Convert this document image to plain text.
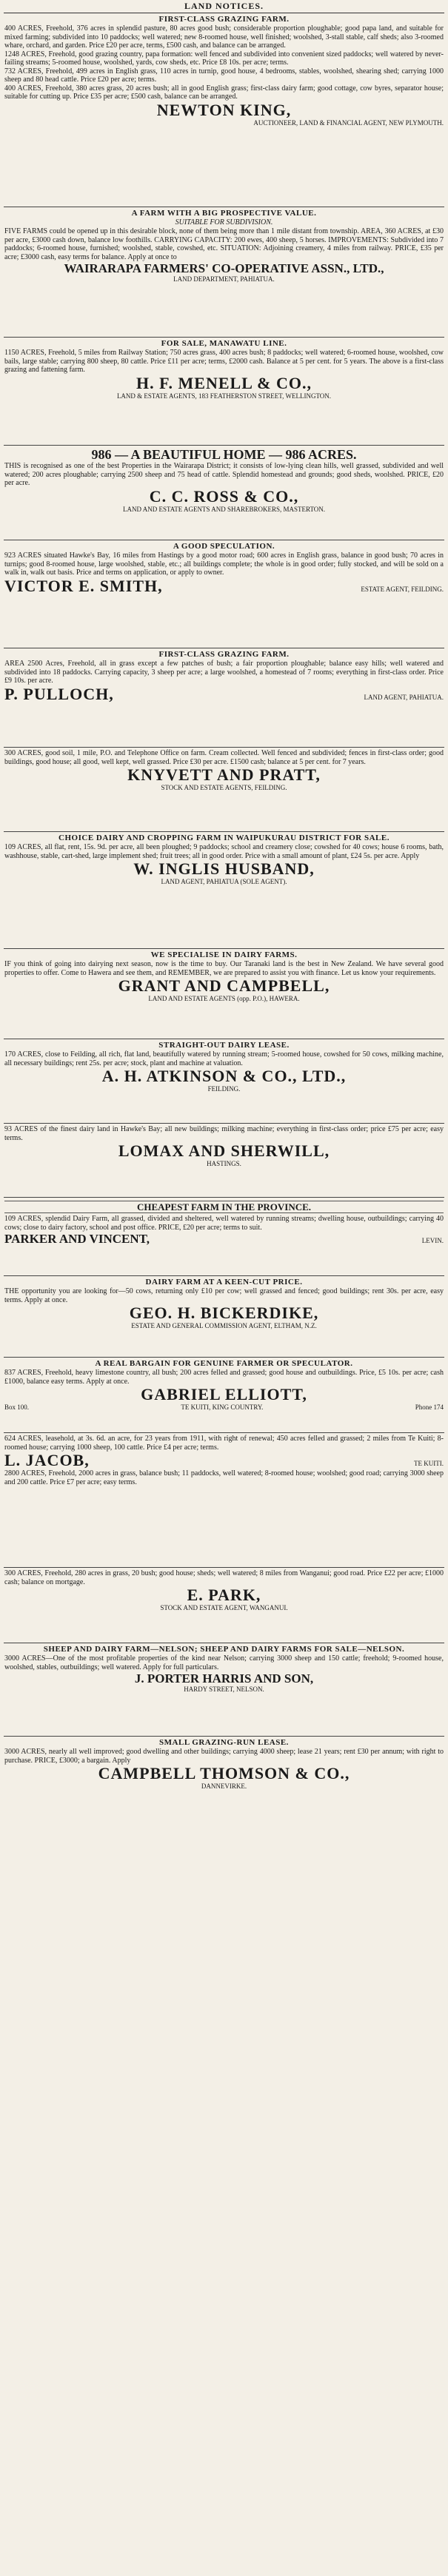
LAND NOTICES.
FIRST-CLASS GRAZING FARM.
400 ACRES, Freehold, 376 acres in splendid pasture, 80 acres good bush; considerable proportion ploughable; good papa land, and suitable for mixed farming; subdivided into 10 paddocks; well watered; new 8-roomed house, well finished; woolshed, 3-stall stable, calf sheds; also 3-roomed whare, orchard, and garden. Price £20 per acre, terms, £500 cash, and balance can be arranged.
1248 ACRES, Freehold, good grazing country, papa formation: well fenced and subdivided into convenient sized paddocks; well watered by never-failing streams; 5-roomed house, woolshed, yards, cow sheds, etc. Price £8 10s. per acre; terms.
732 ACRES, Freehold, 499 acres in English grass, 110 acres in turnip, good house, 4 bedrooms, stables, woolshed, shearing shed; carrying 1000 sheep and 80 head cattle. Price £20 per acre; terms.
400 ACRES, Freehold, 380 acres grass, 20 acres bush; all in good English grass; first-class dairy farm; good cottage, cow byres, separator house; suitable for cutting up. Price £35 per acre; £500 cash, balance can be arranged.
NEWTON KING,
AUCTIONEER, LAND & FINANCIAL AGENT, NEW PLYMOUTH.
A FARM WITH A BIG PROSPECTIVE VALUE.
SUITABLE FOR SUBDIVISION.
FIVE FARMS could be opened up in this desirable block, none of them being more than 1 mile distant from township. AREA, 360 ACRES, at £30 per acre, £3000 cash down, balance low foothills. CARRYING CAPACITY: 200 ewes, 400 sheep, 5 horses. IMPROVEMENTS: Subdivided into 7 paddocks; 6-roomed house, furnished; woolshed, stable, cowshed, etc. SITUATION: Adjoining creamery, 4 miles from railway. PRICE, £35 per acre; £3000 cash, easy terms for balance. Apply at once to
WAIRARAPA FARMERS' CO-OPERATIVE ASSN., LTD.,
LAND DEPARTMENT, PAHIATUA.
FOR SALE, MANAWATU LINE.
1150 ACRES, Freehold, 5 miles from Railway Station; 750 acres grass, 400 acres bush; 8 paddocks; well watered; 6-roomed house, woolshed, cow bails, large stable; carrying 800 sheep, 80 cattle. Price £11 per acre; terms, £2000 cash. Balance at 5 per cent. for 5 years. The above is a first-class grazing and fattening farm.
H. F. MENELL & CO.,
LAND & ESTATE AGENTS, 183 FEATHERSTON STREET, WELLINGTON.
986 — A BEAUTIFUL HOME — 986 ACRES.
THIS is recognised as one of the best Properties in the Wairarapa District; it consists of low-lying clean hills, well grassed, subdivided and well watered; 200 acres ploughable; carrying 2500 sheep and 75 head of cattle. Splendid homestead and grounds; good sheds, woolshed. PRICE, £20 per acre.
C. C. ROSS & CO.,
LAND AND ESTATE AGENTS AND SHAREBROKERS, MASTERTON.
A GOOD SPECULATION.
923 ACRES situated Hawke's Bay, 16 miles from Hastings by a good motor road; 600 acres in English grass, balance in good bush; 70 acres in turnips; good 8-roomed house, large woolshed, stable, etc.; all buildings complete; the whole is in good order; fully stocked, and will be sold on a walk in, walk out basis. Price and terms on application, or apply to owner.
VICTOR E. SMITH,	ESTATE AGENT, FEILDING.
FIRST-CLASS GRAZING FARM.
AREA 2500 Acres, Freehold, all in grass except a few patches of bush; a fair proportion ploughable; balance easy hills; well watered and subdivided into 18 paddocks. Carrying capacity, 3 sheep per acre; a large woolshed, a homestead of 7 rooms; everything in first-class order. Price £9 10s. per acre.
P. PULLOCH,	LAND AGENT, PAHIATUA.
300 ACRES, good soil, 1 mile, P.O. and Telephone Office on farm. Cream collected. Well fenced and subdivided; fences in first-class order; good buildings, good house; all good, well kept, well grassed. Price £30 per acre. £1500 cash; balance at 5 per cent. for 7 years.
KNYVETT AND PRATT,
STOCK AND ESTATE AGENTS, FEILDING.
CHOICE DAIRY AND CROPPING FARM IN WAIPUKURAU DISTRICT FOR SALE.
109 ACRES, all flat, rent, 15s. 9d. per acre, all been ploughed; 9 paddocks; school and creamery close; cowshed for 40 cows; house 6 rooms, bath, washhouse, stable, cart-shed, large implement shed; fruit trees; all in good order. Price with a small amount of plant, £24 5s. per acre. Apply
W. INGLIS HUSBAND,
LAND AGENT, PAHIATUA (SOLE AGENT).
WE SPECIALISE IN DAIRY FARMS.
IF you think of going into dairying next season, now is the time to buy. Our Taranaki land is the best in New Zealand. We have several good properties to offer. Come to Hawera and see them, and REMEMBER, we are prepared to assist you with finance. Let us know your requirements.
GRANT AND CAMPBELL,
LAND AND ESTATE AGENTS (opp. P.O.), HAWERA.
STRAIGHT-OUT DAIRY LEASE.
170 ACRES, close to Feilding, all rich, flat land, beautifully watered by running stream; 5-roomed house, cowshed for 50 cows, milking machine, all necessary buildings; rent 25s. per acre; stock, plant and machine at valuation.
A. H. ATKINSON & CO., LTD.,
FEILDING.
93 ACRES of the finest dairy land in Hawke's Bay; all new buildings; milking machine; everything in first-class order; price £75 per acre; easy terms.
LOMAX AND SHERWILL,
HASTINGS.
CHEAPEST FARM IN THE PROVINCE.
109 ACRES, splendid Dairy Farm, all grassed, divided and sheltered, well watered by running streams; dwelling house, outbuildings; carrying 40 cows; close to dairy factory, school and post office. PRICE, £20 per acre; terms to suit.
PARKER AND VINCENT,	LEVIN.
DAIRY FARM AT A KEEN-CUT PRICE.
THE opportunity you are looking for—50 cows, returning only £10 per cow; well grassed and fenced; good buildings; rent 30s. per acre, easy terms. Apply at once.
GEO. H. BICKERDIKE,
ESTATE AND GENERAL COMMISSION AGENT, ELTHAM, N.Z.
A REAL BARGAIN FOR GENUINE FARMER OR SPECULATOR.
837 ACRES, Freehold, heavy limestone country, all bush; 200 acres felled and grassed; good house and outbuildings. Price, £5 10s. per acre; cash £1000, balance easy terms. Apply at once.
GABRIEL ELLIOTT,
Box 100.	TE KUITI, KING COUNTRY.	Phone 174
624 ACRES, leasehold, at 3s. 6d. an acre, for 23 years from 1911, with right of renewal; 450 acres felled and grassed; 2 miles from Te Kuiti; 8-roomed house; carrying 1000 sheep, 100 cattle. Price £4 per acre; terms.
L. JACOB,	TE KUITI.
2800 ACRES, Freehold, 2000 acres in grass, balance bush; 11 paddocks, well watered; 8-roomed house; woolshed; good road; carrying 3000 sheep and 200 cattle. Price £7 per acre; easy terms.
300 ACRES, Freehold, 280 acres in grass, 20 bush; good house; sheds; well watered; 8 miles from Wanganui; good road. Price £22 per acre; £1000 cash; balance on mortgage.
E. PARK,
STOCK AND ESTATE AGENT, WANGANUI.
SHEEP AND DAIRY FARM—NELSON; SHEEP AND DAIRY FARMS FOR SALE—NELSON.
3000 ACRES—One of the most profitable properties of the kind near Nelson; carrying 3000 sheep and 150 cattle; freehold; 9-roomed house, woolshed, stables, outbuildings; well watered. Apply for full particulars.
J. PORTER HARRIS AND SON,
HARDY STREET, NELSON.
SMALL GRAZING-RUN LEASE.
3000 ACRES, nearly all well improved; good dwelling and other buildings; carrying 4000 sheep; lease 21 years; rent £30 per annum; with right to purchase. PRICE, £3000; a bargain. Apply
CAMPBELL THOMSON & CO.,
DANNEVIRKE.
